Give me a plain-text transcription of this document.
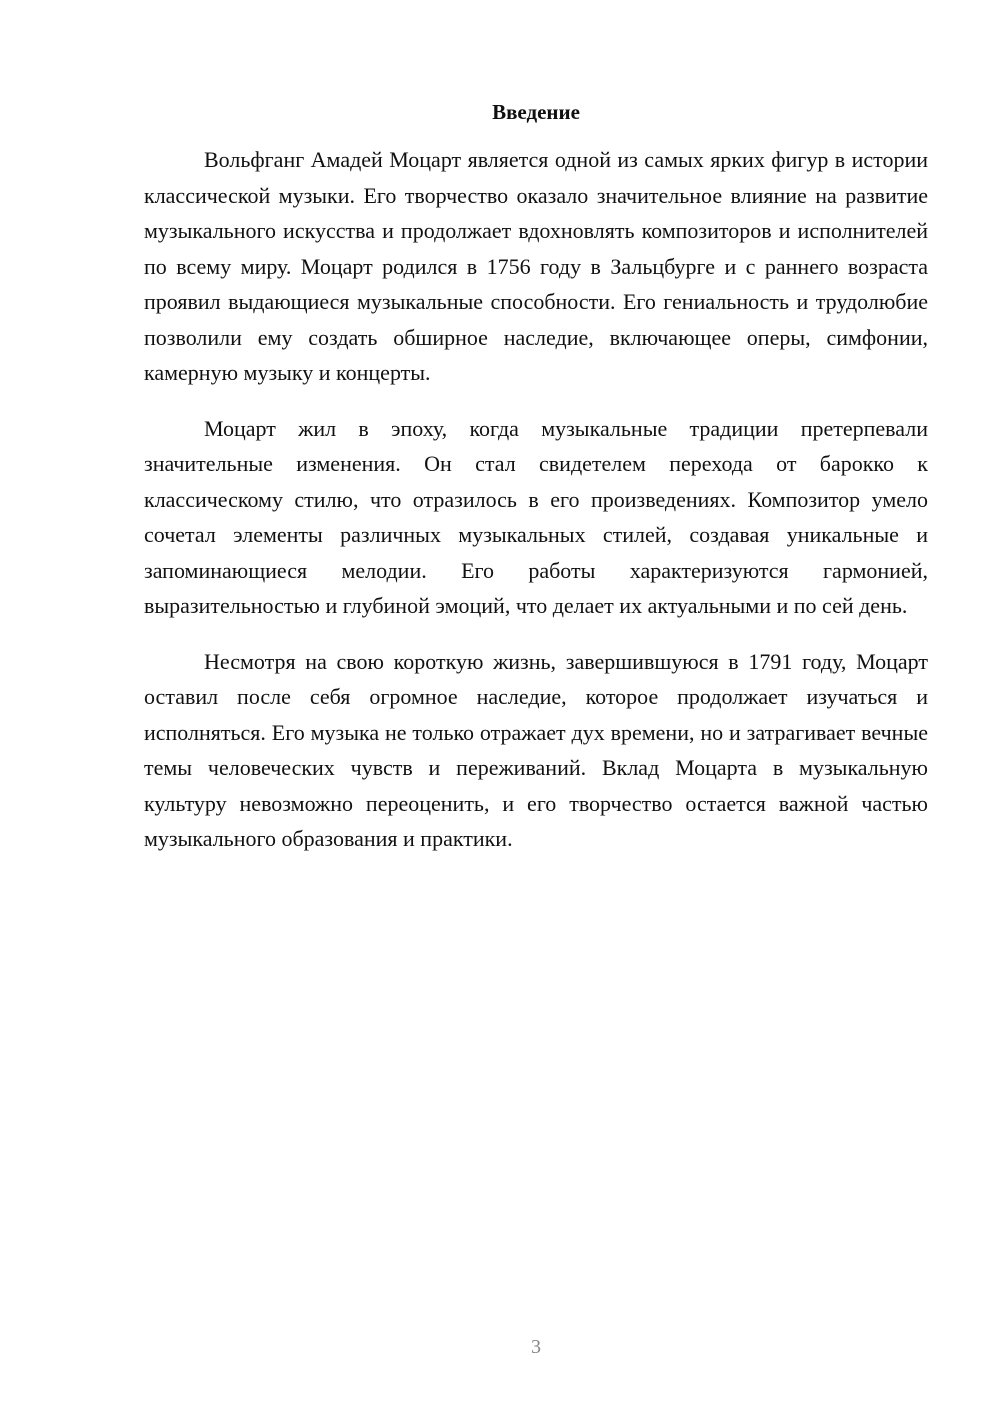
Введение

Вольфганг Амадей Моцарт является одной из самых ярких фигур в истории классической музыки. Его творчество оказало значительное влияние на развитие музыкального искусства и продолжает вдохновлять композиторов и исполнителей по всему миру. Моцарт родился в 1756 году в Зальцбурге и с раннего возраста проявил выдающиеся музыкальные способности. Его гениальность и трудолюбие позволили ему создать обширное наследие, включающее оперы, симфонии, камерную музыку и концерты.

Моцарт жил в эпоху, когда музыкальные традиции претерпевали значительные изменения. Он стал свидетелем перехода от барокко к классическому стилю, что отразилось в его произведениях. Композитор умело сочетал элементы различных музыкальных стилей, создавая уникальные и запоминающиеся мелодии. Его работы характеризуются гармонией, выразительностью и глубиной эмоций, что делает их актуальными и по сей день.

Несмотря на свою короткую жизнь, завершившуюся в 1791 году, Моцарт оставил после себя огромное наследие, которое продолжает изучаться и исполняться. Его музыка не только отражает дух времени, но и затрагивает вечные темы человеческих чувств и переживаний. Вклад Моцарта в музыкальную культуру невозможно переоценить, и его творчество остается важной частью музыкального образования и практики.

3
